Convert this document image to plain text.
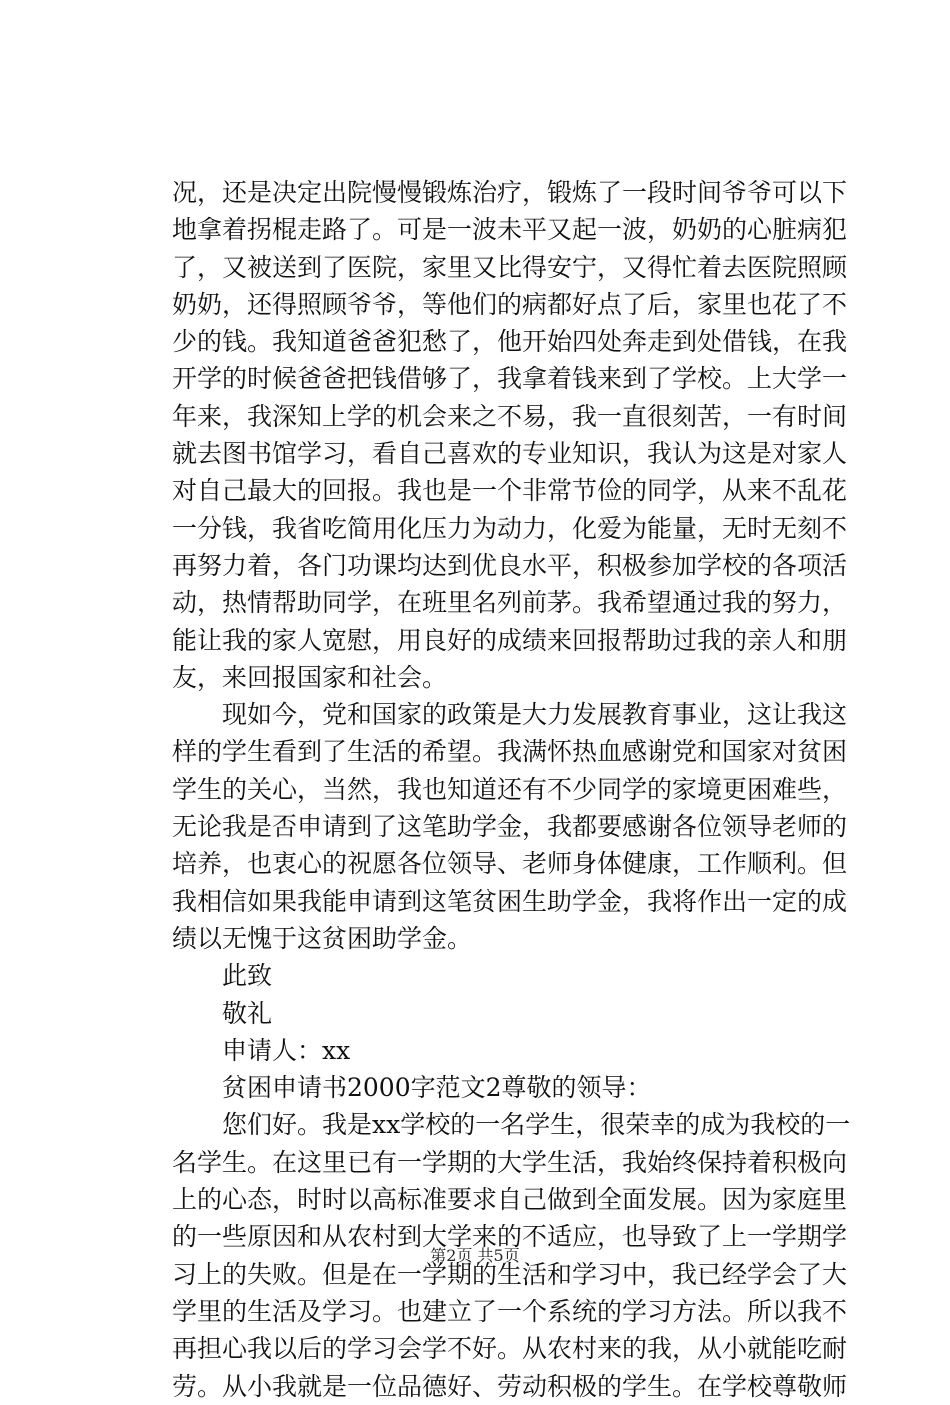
况，还是决定出院慢慢锻炼治疗，锻炼了一段时间爷爷可以下
地拿着拐棍走路了。可是一波未平又起一波，奶奶的心脏病犯
了，又被送到了医院，家里又比得安宁，又得忙着去医院照顾
奶奶，还得照顾爷爷，等他们的病都好点了后，家里也花了不
少的钱。我知道爸爸犯愁了，他开始四处奔走到处借钱，在我
开学的时候爸爸把钱借够了，我拿着钱来到了学校。上大学一
年来，我深知上学的机会来之不易，我一直很刻苦，一有时间
就去图书馆学习，看自己喜欢的专业知识，我认为这是对家人
对自己最大的回报。我也是一个非常节俭的同学，从来不乱花
一分钱，我省吃简用化压力为动力，化爱为能量，无时无刻不
再努力着，各门功课均达到优良水平，积极参加学校的各项活
动，热情帮助同学，在班里名列前茅。我希望通过我的努力，
能让我的家人宽慰，用良好的成绩来回报帮助过我的亲人和朋
友，来回报国家和社会。
现如今，党和国家的政策是大力发展教育事业，这让我这
样的学生看到了生活的希望。我满怀热血感谢党和国家对贫困
学生的关心，当然，我也知道还有不少同学的家境更困难些，
无论我是否申请到了这笔助学金，我都要感谢各位领导老师的
培养，也衷心的祝愿各位领导、老师身体健康，工作顺利。但
我相信如果我能申请到这笔贫困生助学金，我将作出一定的成
绩以无愧于这贫困助学金。
此致
敬礼
申请人：xx
贫困申请书2000字范文2尊敬的领导：
您们好。我是xx学校的一名学生，很荣幸的成为我校的一
名学生。在这里已有一学期的大学生活，我始终保持着积极向
上的心态，时时以高标准要求自己做到全面发展。因为家庭里
的一些原因和从农村到大学来的不适应，也导致了上一学期学
习上的失败。但是在一学期的生活和学习中，我已经学会了大
学里的生活及学习。也建立了一个系统的学习方法。所以我不
再担心我以后的学习会学不好。从农村来的我，从小就能吃耐
劳。从小我就是一位品德好、劳动积极的学生。在学校尊敬师
第2页 共5页
